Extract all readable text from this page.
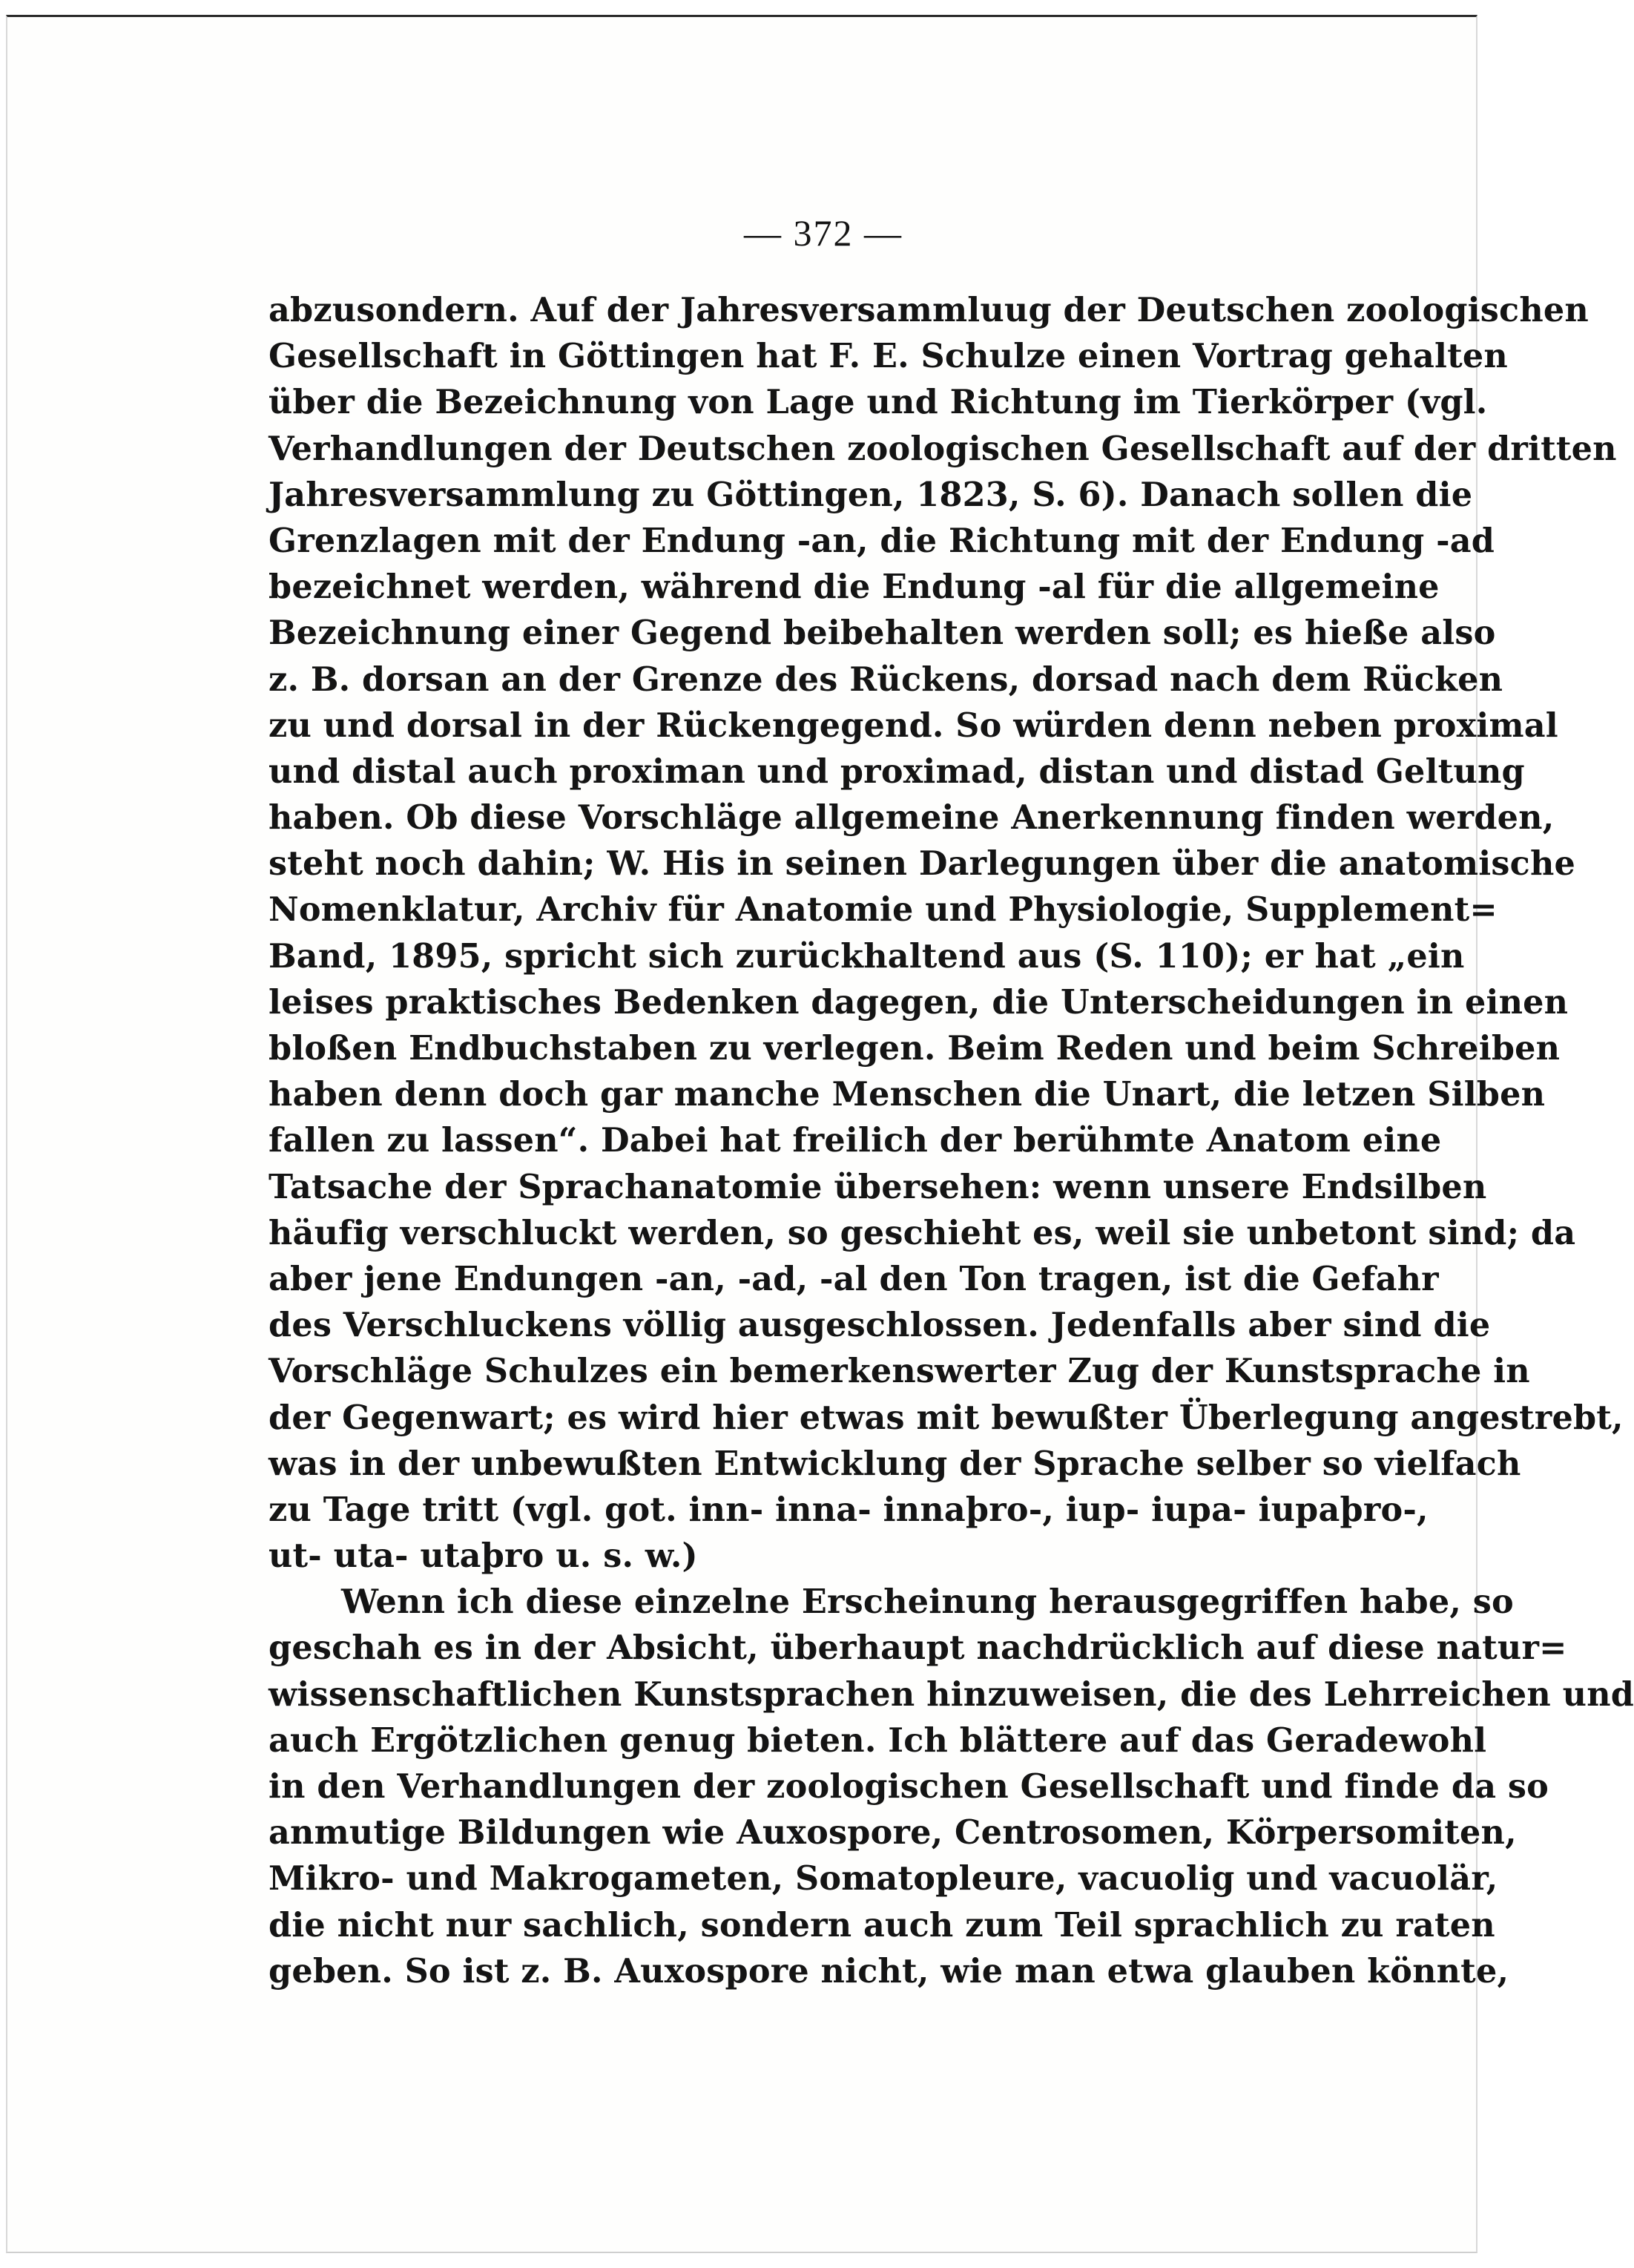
— 372 —
abzusondern. Auf der Jahresversammluug der Deutschen zoologischen
Gesellschaft in Göttingen hat F. E. Schulze einen Vortrag gehalten
über die Bezeichnung von Lage und Richtung im Tierkörper (vgl.
Verhandlungen der Deutschen zoologischen Gesellschaft auf der dritten
Jahresversammlung zu Göttingen, 1823, S. 6). Danach sollen die
Grenzlagen mit der Endung -an, die Richtung mit der Endung -ad
bezeichnet werden, während die Endung -al für die allgemeine
Bezeichnung einer Gegend beibehalten werden soll; es hieße also
z. B. dorsan an der Grenze des Rückens, dorsad nach dem Rücken
zu und dorsal in der Rückengegend. So würden denn neben proximal
und distal auch proximan und proximad, distan und distad Geltung
haben. Ob diese Vorschläge allgemeine Anerkennung finden werden,
steht noch dahin; W. His in seinen Darlegungen über die anatomische
Nomenklatur, Archiv für Anatomie und Physiologie, Supplement=
Band, 1895, spricht sich zurückhaltend aus (S. 110); er hat „ein
leises praktisches Bedenken dagegen, die Unterscheidungen in einen
bloßen Endbuchstaben zu verlegen. Beim Reden und beim Schreiben
haben denn doch gar manche Menschen die Unart, die letzen Silben
fallen zu lassen“. Dabei hat freilich der berühmte Anatom eine
Tatsache der Sprachanatomie übersehen: wenn unsere Endsilben
häufig verschluckt werden, so geschieht es, weil sie unbetont sind; da
aber jene Endungen -an, -ad, -al den Ton tragen, ist die Gefahr
des Verschluckens völlig ausgeschlossen. Jedenfalls aber sind die
Vorschläge Schulzes ein bemerkenswerter Zug der Kunstsprache in
der Gegenwart; es wird hier etwas mit bewußter Überlegung angestrebt,
was in der unbewußten Entwicklung der Sprache selber so vielfach
zu Tage tritt (vgl. got. inn- inna- innaþro-, iup- iupa- iupaþro-,
ut- uta- utaþro u. s. w.)
Wenn ich diese einzelne Erscheinung herausgegriffen habe, so
geschah es in der Absicht, überhaupt nachdrücklich auf diese natur=
wissenschaftlichen Kunstsprachen hinzuweisen, die des Lehrreichen und
auch Ergötzlichen genug bieten. Ich blättere auf das Geradewohl
in den Verhandlungen der zoologischen Gesellschaft und finde da so
anmutige Bildungen wie Auxospore, Centrosomen, Körpersomiten,
Mikro- und Makrogameten, Somatopleure, vacuolig und vacuolär,
die nicht nur sachlich, sondern auch zum Teil sprachlich zu raten
geben. So ist z. B. Auxospore nicht, wie man etwa glauben könnte,
